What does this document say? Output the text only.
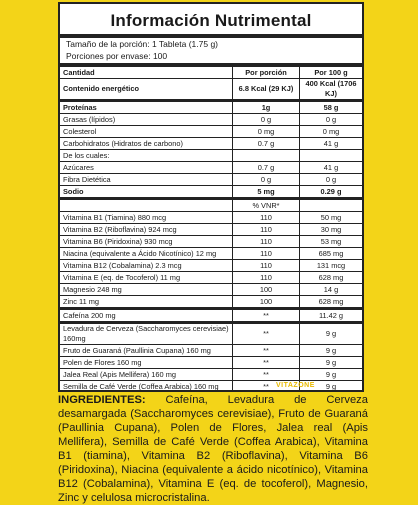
Información Nutrimental
Tamaño de la porción: 1 Tableta (1.75 g)
Porciones por envase: 100
Cantidad	Por porción	Por 100 g
Contenido energético	6.8 Kcal (29 KJ)	400 Kcal (1706 KJ)
Proteínas	1g	58 g
Grasas (lípidos)	0 g	0 g
Colesterol	0 mg	0 mg
Carbohidratos (Hidratos de carbono)	0.7 g	41 g
De los cuales:		
Azúcares	0.7 g	41 g
Fibra Dietética	0 g	0 g
Sodio	5 mg	0.29 g
	% VNR*	
Vitamina B1 (Tiamina) 880 mcg	110	50 mg
Vitamina B2 (Riboflavina) 924 mcg	110	30 mg
Vitamina B6 (Piridoxina) 930 mcg	110	53 mg
Niacina (equivalente a Ácido Nicotínico) 12 mg	110	685 mg
Vitamina B12 (Cobalamina) 2.3 mcg	110	131 mcg
Vitamina E (eq. de Tocoferol) 11 mg	110	628 mg
Magnesio 248 mg	100	14 g
Zinc 11 mg	100	628 mg
Cafeína 200 mg	**	11.42 g
Levadura de Cerveza (Saccharomyces cerevisiae) 160mg	**	9 g
Fruto de Guaraná (Paullinia Cupana) 160 mg	**	9 g
Polen de Flores 160 mg	**	9 g
Jalea Real (Apis Mellifera) 160 mg	**	9 g
Semilla de Café Verde (Coffea Arabica) 160 mg	**	9 g
VITAZONE
INGREDIENTES: Cafeína, Levadura de Cerveza desamargada (Saccharomyces cerevisiae), Fruto de Guaraná (Paullinia Cupana), Polen de Flores, Jalea real (Apis Mellifera), Semilla de Café Verde (Coffea Arabica), Vitamina B1 (tiamina), Vitamina B2 (Riboflavina), Vitamina B6 (Piridoxina), Niacina (equivalente a ácido nicotínico), Vitamina B12 (Cobalamina), Vitamina E (eq. de tocoferol), Magnesio, Zinc y celulosa microcristalina.
